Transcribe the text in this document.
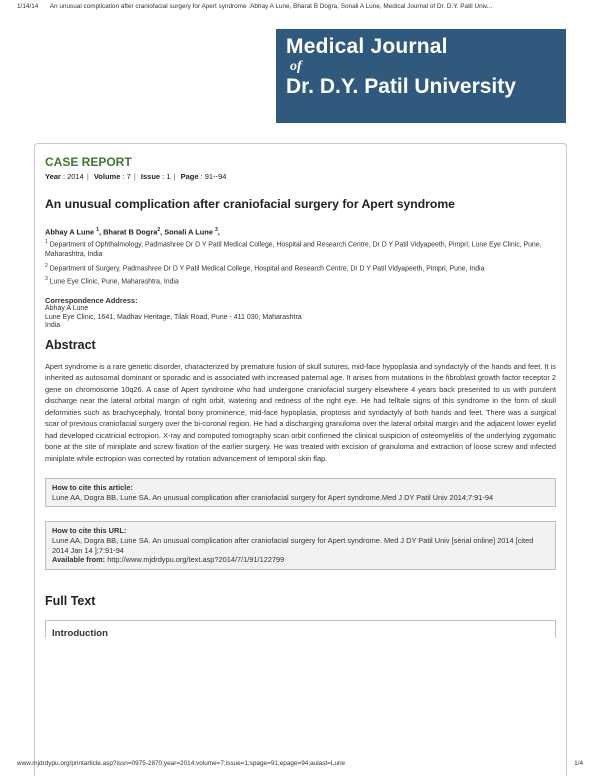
1/14/14 An unusual complication after craniofacial surgery for Apert syndrome :Abhay A Lune, Bharat B Dogra, Sonali A Lune, Medical Journal of Dr. D.Y. Patil Univ...
Medical Journal
of
Dr. D.Y. Patil University
CASE REPORT
Year : 2014 | Volume : 7 | Issue : 1 | Page : 91--94
An unusual complication after craniofacial surgery for Apert syndrome
Abhay A Lune $^1$, Bharat B Dogra$^2$, Sonali A Lune $^3$,
$^1$ Department of Ophthalmology, Padmashree Dr D Y Patil Medical College, Hospital and Research Centre, Dr D Y Patil Vidyapeeth, Pimpri; Lune Eye Clinic, Pune, Maharashtra, India
$^2$ Department of Surgery, Padmashree Dr D Y Patil Medical College, Hospital and Research Centre, Dr D Y Patil Vidyapeeth, Pimpri, Pune, India
$^3$ Lune Eye Clinic, Pune, Maharashtra, India
Correspondence Address:
Abhay A Lune
Lune Eye Clinic, 1641, Madhav Heritage, Tilak Road, Pune - 411 030, Maharashtra
India
Abstract
Apert syndrome is a rare genetic disorder, characterized by premature fusion of skull sutures, mid-face hypoplasia and syndactyly of the hands and feet. It is inherited as autosomal dominant or sporadic and is associated with increased paternal age. It arises from mutations in the fibroblast growth factor receptor 2 gene on chromosome 10q26. A case of Apert syndrome who had undergone craniofacial surgery elsewhere 4 years back presented to us with purulent discharge near the lateral orbital margin of right orbit, watering and redness of the right eye. He had telltale signs of this syndrome in the form of skull deformities such as brachycephaly, frontal bony prominence, mid-face hypoplasia, proptosis and syndactyly of both hands and feet. There was a surgical scar of previous craniofacial surgery over the bi-coronal region. He had a discharging granuloma over the lateral orbital margin and the adjacent lower eyelid had developed cicatricial ectropion. X-ray and computed tomography scan orbit confirmed the clinical suspicion of osteomyelitis of the underlying zygomatic bone at the site of miniplate and screw fixation of the earlier surgery. He was treated with excision of granuloma and extraction of loose screw and infected miniplate while ectropion was corrected by rotation advancement of temporal skin flap.
How to cite this article:
Lune AA, Dogra BB, Lune SA. An unusual complication after craniofacial surgery for Apert syndrome.Med J DY Patil Univ 2014;7:91-94
How to cite this URL:
Lune AA, Dogra BB, Lune SA. An unusual complication after craniofacial surgery for Apert syndrome. Med J DY Patil Univ [serial online] 2014 [cited 2014 Jan 14 ];7:91-94
Available from: http://www.mjdrdypu.org/text.asp?2014/7/1/91/122799
Full Text
Introduction
www.mjdrdypu.org/printarticle.asp?issn=0975-2870;year=2014;volume=7;issue=1;spage=91;epage=94;aulast=Lune	1/4
